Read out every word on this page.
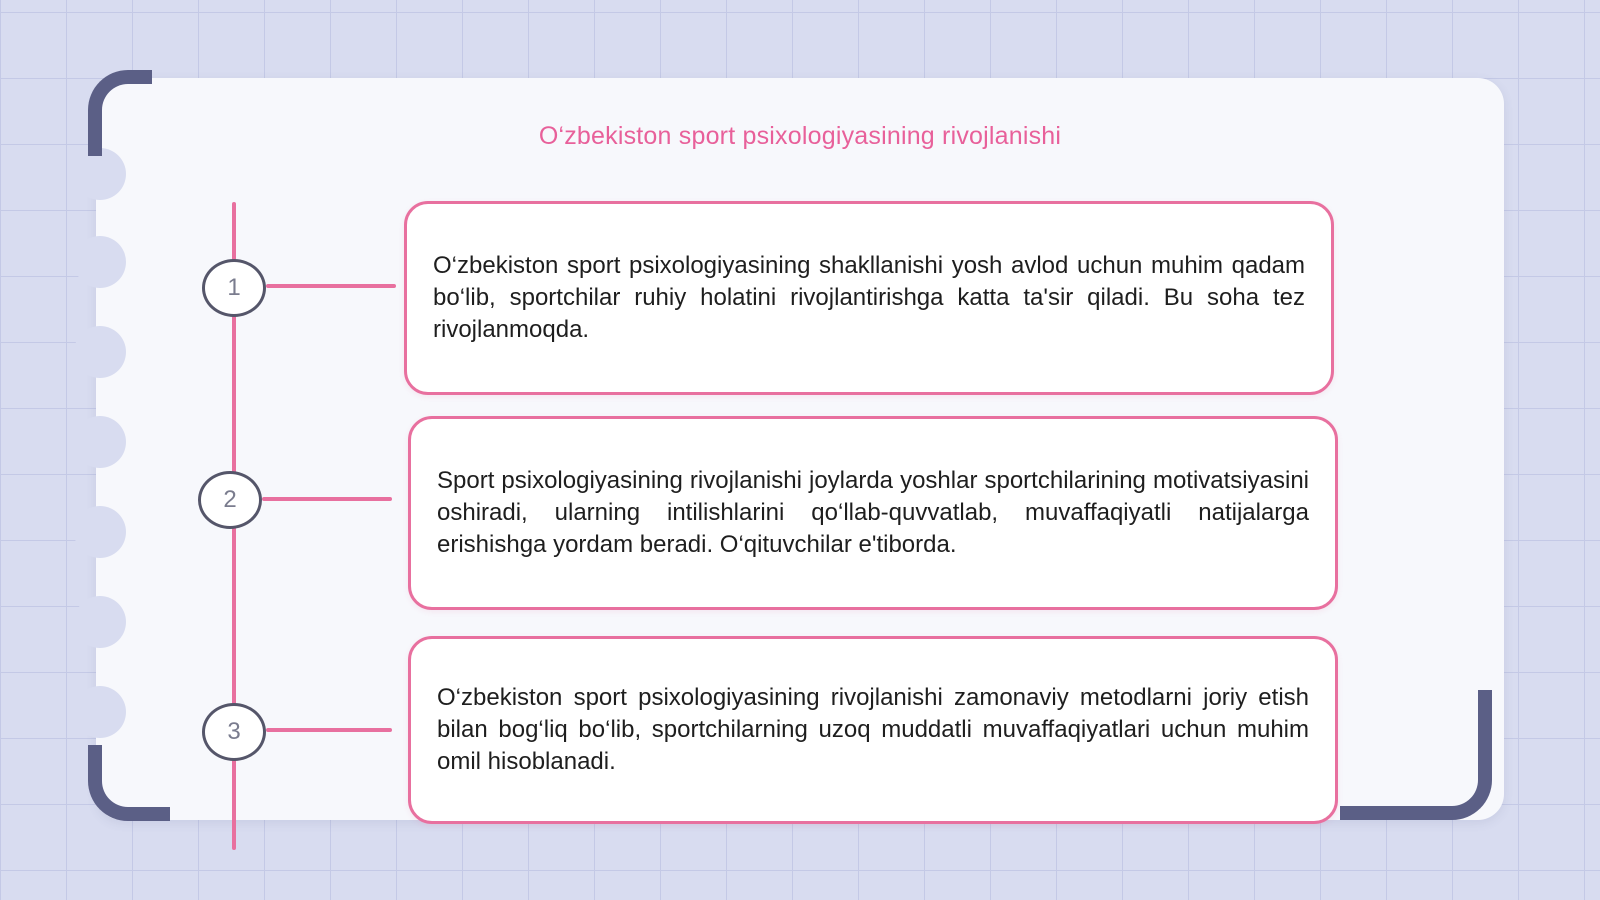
O‘zbekiston sport psixologiyasining rivojlanishi
1
2
3

O‘zbekiston sport psixologiyasining shakllanishi yosh avlod uchun muhim qadam bo‘lib, sportchilar ruhiy holatini rivojlantirishga katta ta'sir qiladi. Bu soha tez rivojlanmoqda.

Sport psixologiyasining rivojlanishi joylarda yoshlar sportchilarining motivatsiyasini oshiradi, ularning intilishlarini qo‘llab-quvvatlab, muvaffaqiyatli natijalarga erishishga yordam beradi. O‘qituvchilar e'tiborda.

O‘zbekiston sport psixologiyasining rivojlanishi zamonaviy metodlarni joriy etish bilan bog‘liq bo‘lib, sportchilarning uzoq muddatli muvaffaqiyatlari uchun muhim omil hisoblanadi.
